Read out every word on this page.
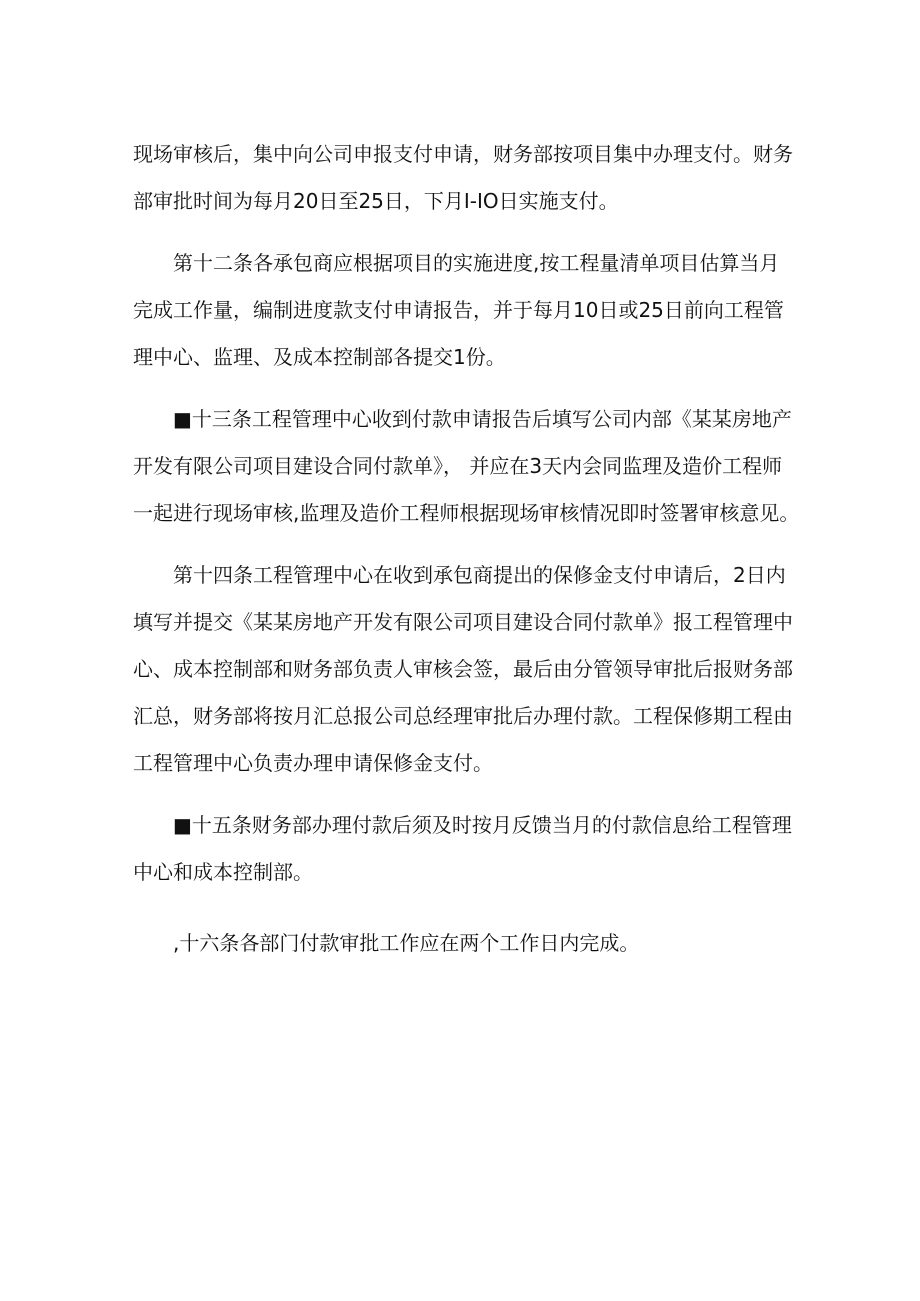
现场审核后，集中向公司申报支付申请，财务部按项目集中办理支付。财务
部审批时间为每月20日至25日，下月I-IO日实施支付。
第十二条各承包商应根据项目的实施进度,按工程量清单项目估算当月
完成工作量，编制进度款支付申请报告，并于每月10日或25日前向工程管
理中心、监理、及成本控制部各提交1份。
■十三条工程管理中心收到付款申请报告后填写公司内部《某某房地产
开发有限公司项目建设合同付款单》， 并应在3天内会同监理及造价工程师
一起进行现场审核,监理及造价工程师根据现场审核情况即时签署审核意见。
第十四条工程管理中心在收到承包商提出的保修金支付申请后，2日内
填写并提交《某某房地产开发有限公司项目建设合同付款单》报工程管理中
心、成本控制部和财务部负责人审核会签，最后由分管领导审批后报财务部
汇总，财务部将按月汇总报公司总经理审批后办理付款。工程保修期工程由
工程管理中心负责办理申请保修金支付。
■十五条财务部办理付款后须及时按月反馈当月的付款信息给工程管理
中心和成本控制部。
,十六条各部门付款审批工作应在两个工作日内完成。
